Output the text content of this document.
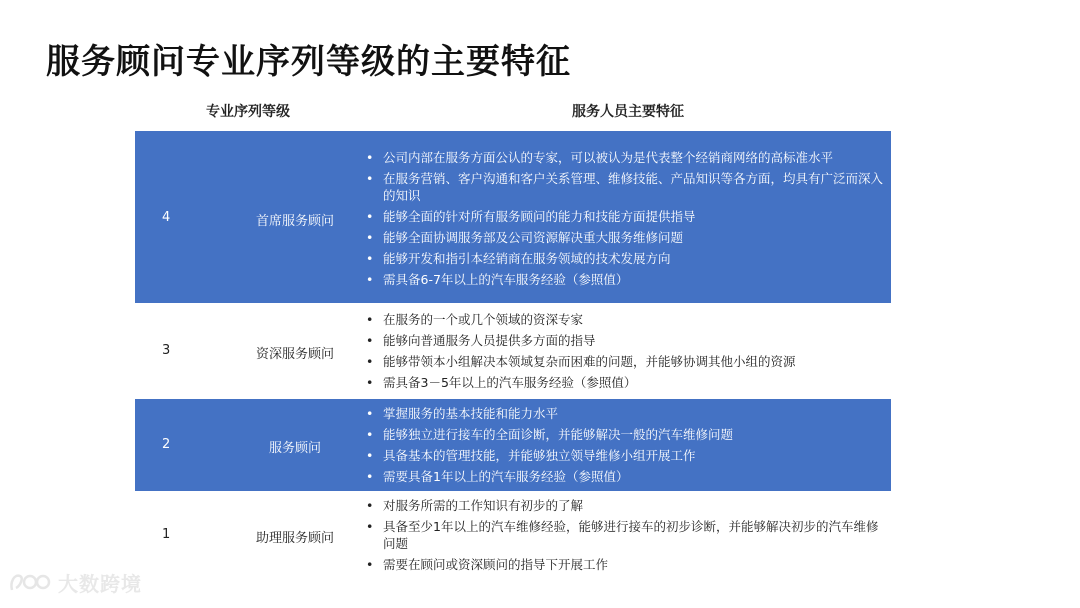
服务顾问专业序列等级的主要特征
专业序列等级	服务人员主要特征
4	首席服务顾问
• 公司内部在服务方面公认的专家，可以被认为是代表整个经销商网络的高标准水平
• 在服务营销、客户沟通和客户关系管理、维修技能、产品知识等各方面，均具有广泛而深入的知识
• 能够全面的针对所有服务顾问的能力和技能方面提供指导
• 能够全面协调服务部及公司资源解决重大服务维修问题
• 能够开发和指引本经销商在服务领域的技术发展方向
• 需具备6-7年以上的汽车服务经验（参照值）
3	资深服务顾问
• 在服务的一个或几个领域的资深专家
• 能够向普通服务人员提供多方面的指导
• 能够带领本小组解决本领域复杂而困难的问题，并能够协调其他小组的资源
• 需具备3－5年以上的汽车服务经验（参照值）
2	服务顾问
• 掌握服务的基本技能和能力水平
• 能够独立进行接车的全面诊断，并能够解决一般的汽车维修问题
• 具备基本的管理技能，并能够独立领导维修小组开展工作
• 需要具备1年以上的汽车服务经验（参照值）
1	助理服务顾问
• 对服务所需的工作知识有初步的了解
• 具备至少1年以上的汽车维修经验，能够进行接车的初步诊断，并能够解决初步的汽车维修问题
• 需要在顾问或资深顾问的指导下开展工作
大数跨境
